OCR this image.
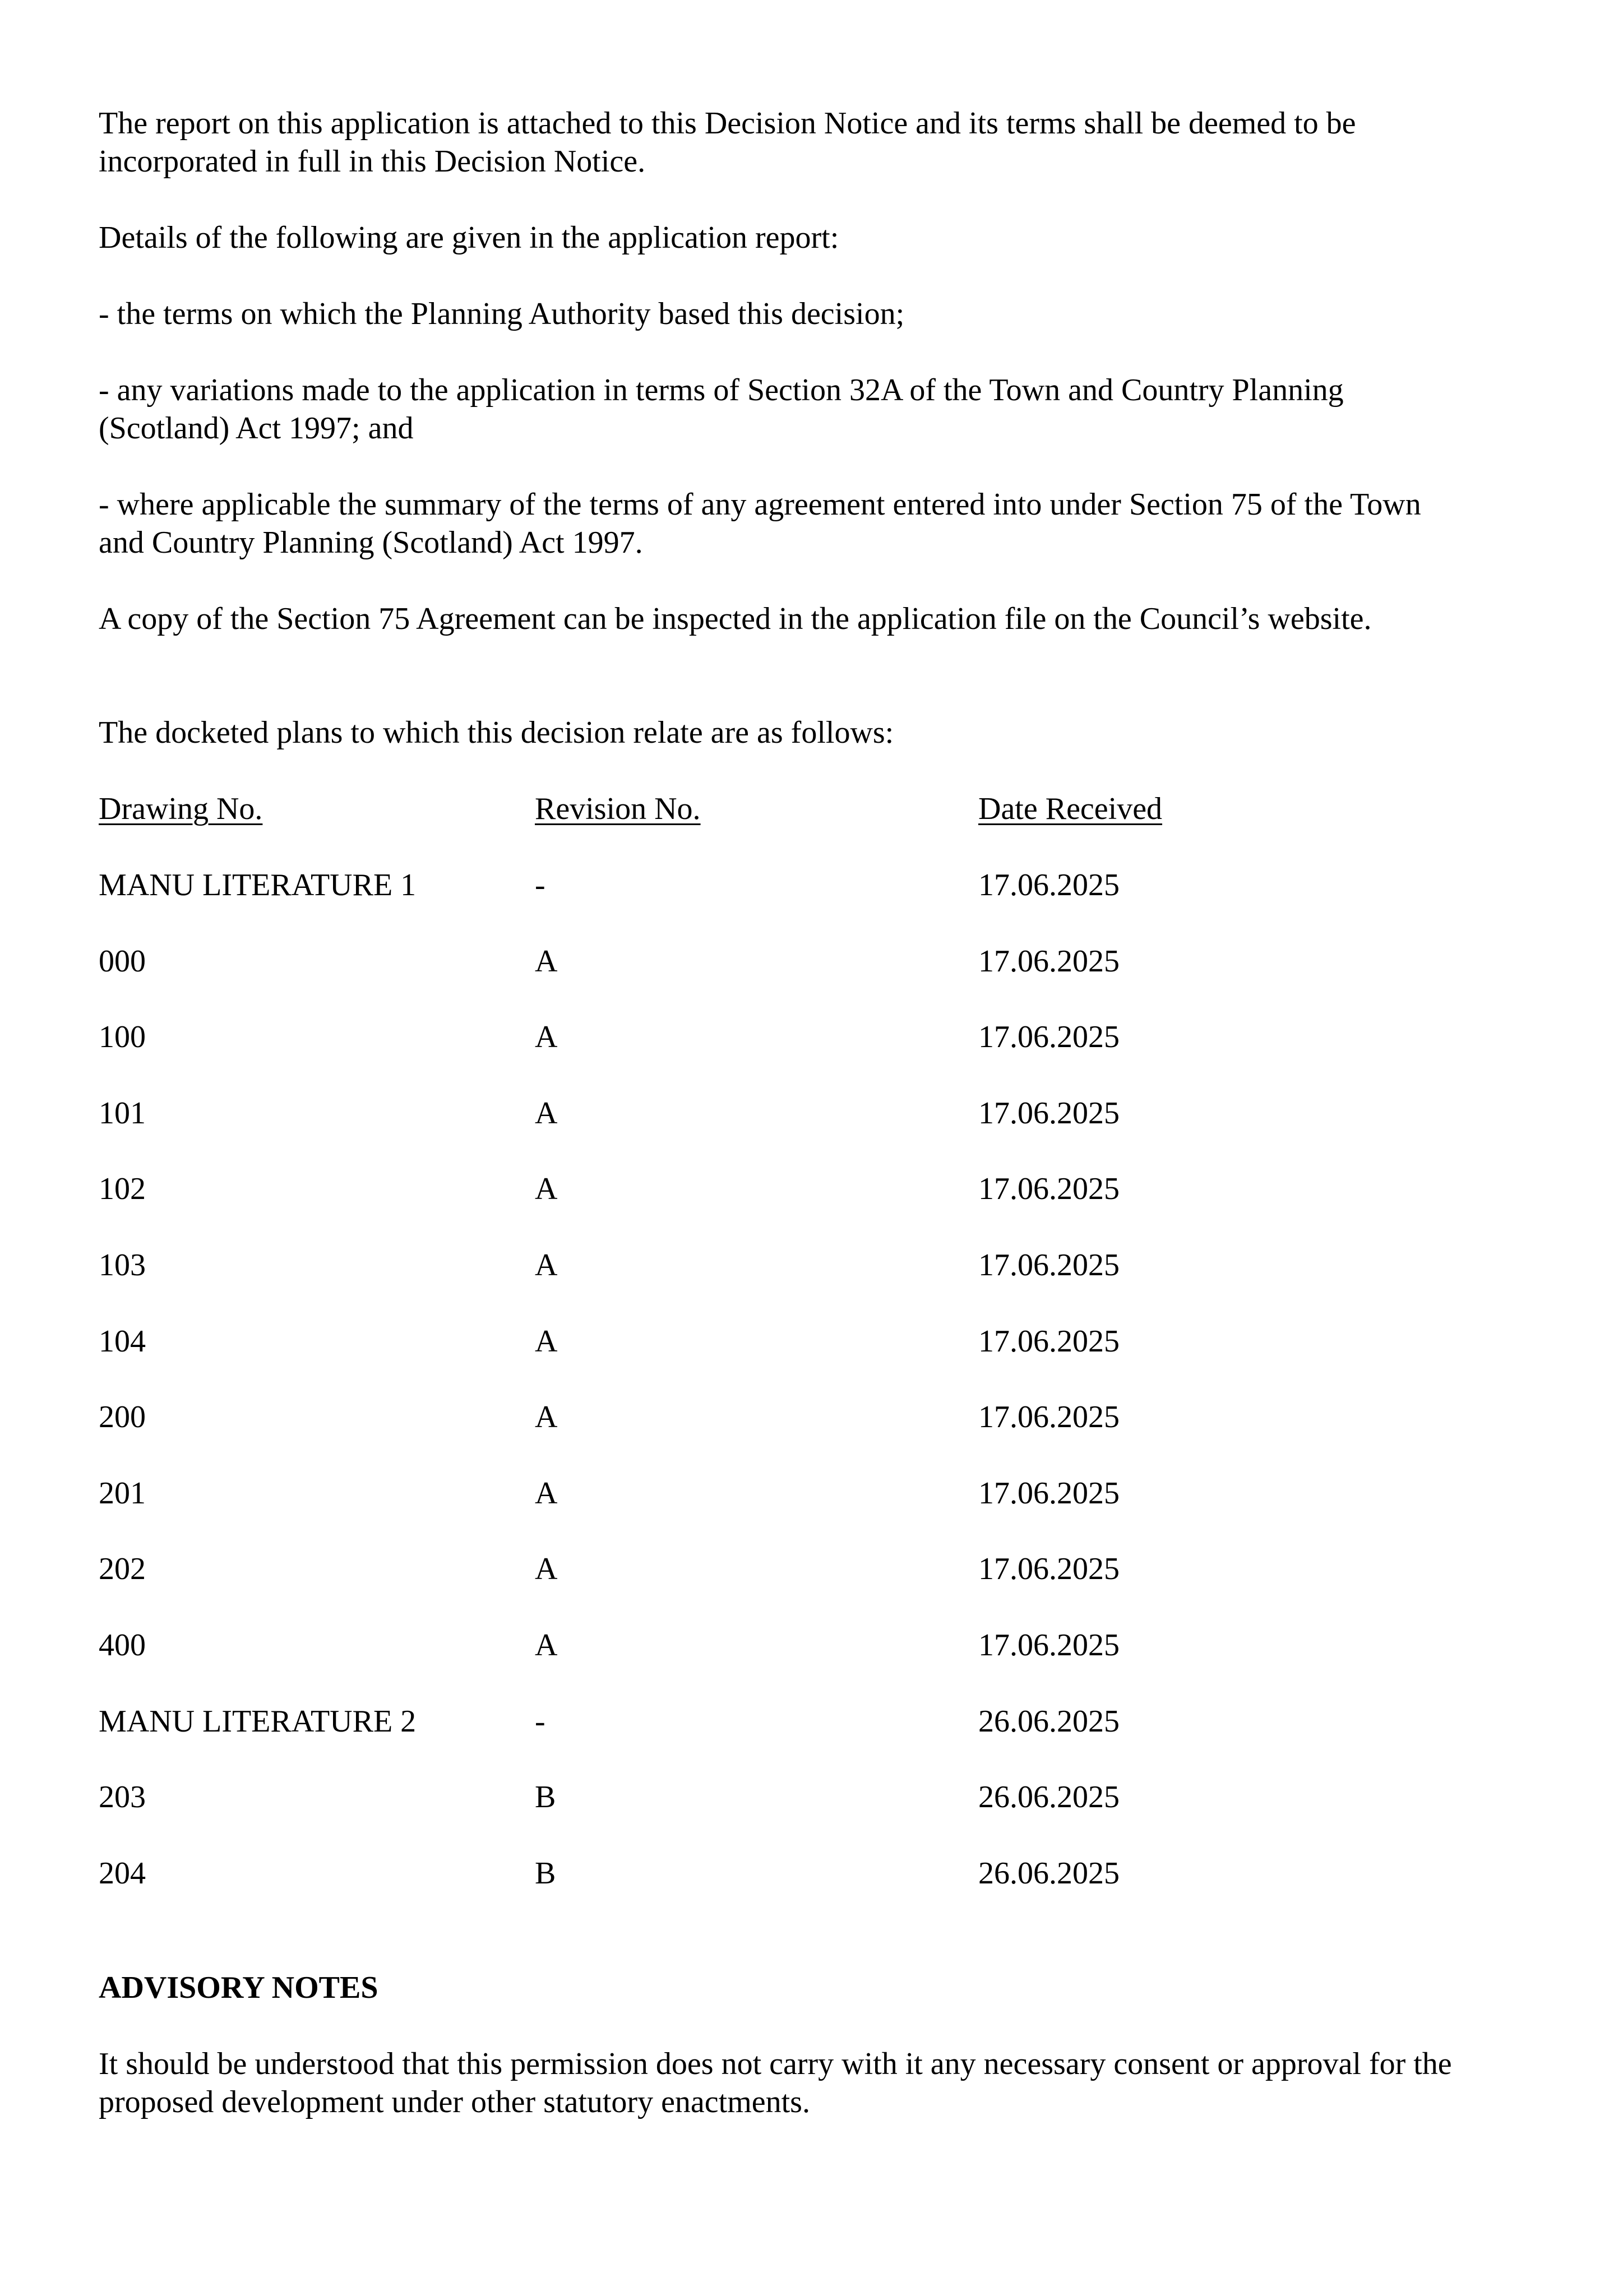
The report on this application is attached to this Decision Notice and its terms shall be deemed to be incorporated in full in this Decision Notice.

Details of the following are given in the application report:

- the terms on which the Planning Authority based this decision;

- any variations made to the application in terms of Section 32A of the Town and Country Planning (Scotland) Act 1997; and

- where applicable the summary of the terms of any agreement entered into under Section 75 of the Town and Country Planning (Scotland) Act 1997.

A copy of the Section 75 Agreement can be inspected in the application file on the Council’s website.

The docketed plans to which this decision relate are as follows:

Drawing No.	Revision No.	Date Received
MANU LITERATURE 1	-	17.06.2025
000	A	17.06.2025
100	A	17.06.2025
101	A	17.06.2025
102	A	17.06.2025
103	A	17.06.2025
104	A	17.06.2025
200	A	17.06.2025
201	A	17.06.2025
202	A	17.06.2025
400	A	17.06.2025
MANU LITERATURE 2	-	26.06.2025
203	B	26.06.2025
204	B	26.06.2025

ADVISORY NOTES

It should be understood that this permission does not carry with it any necessary consent or approval for the proposed development under other statutory enactments.
